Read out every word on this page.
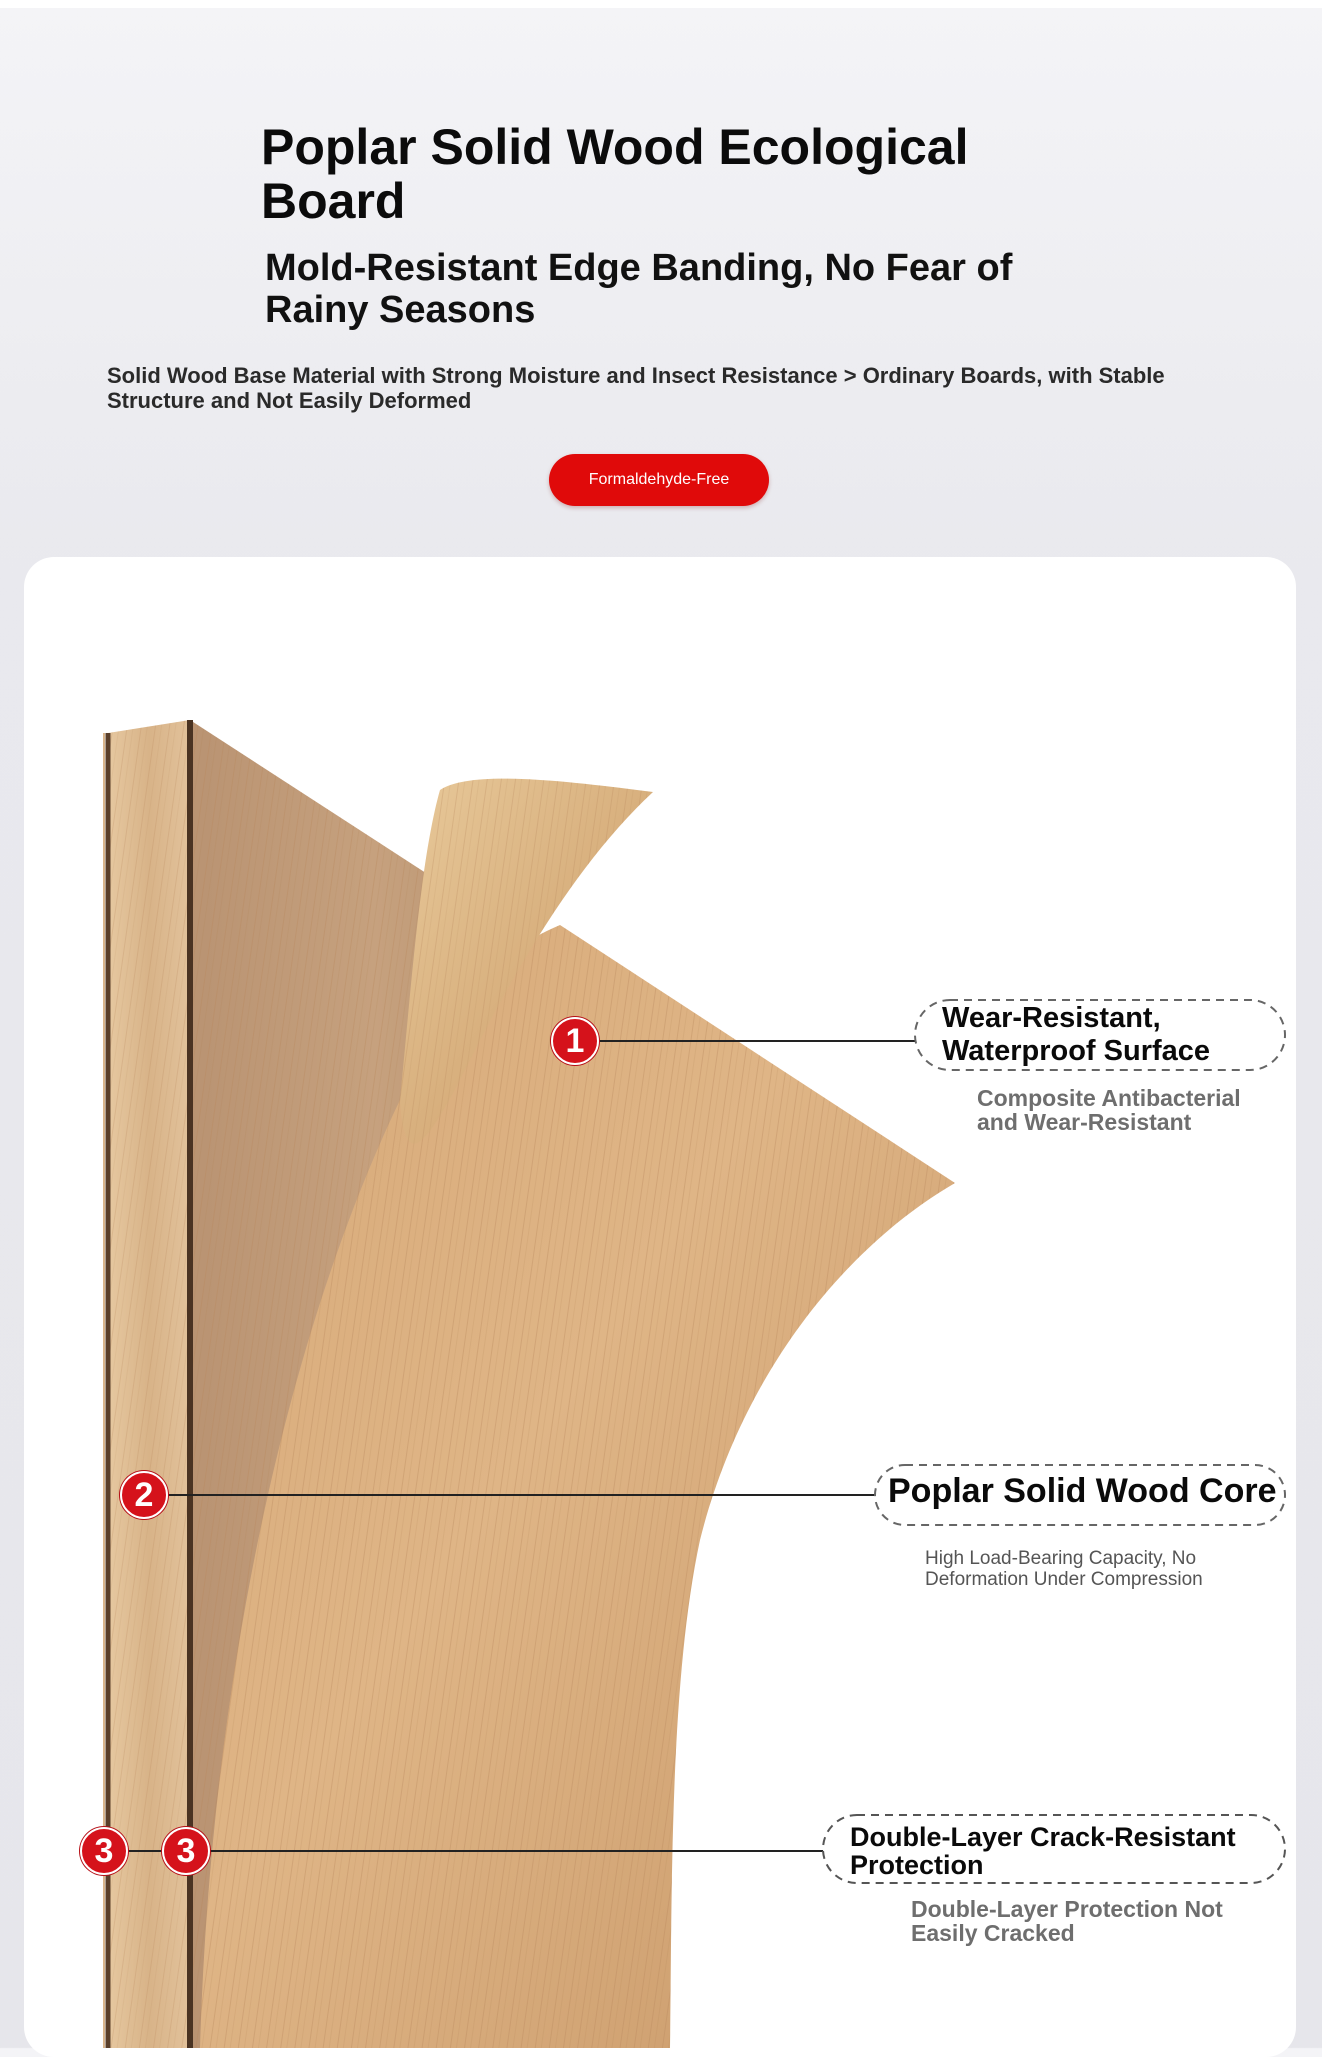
Poplar Solid Wood Ecological Board
Mold-Resistant Edge Banding, No Fear of Rainy Seasons

Solid Wood Base Material with Strong Moisture and Insect Resistance > Ordinary Boards, with Stable Structure and Not Easily Deformed

Formaldehyde-Free
1
2
3	3
Wear-Resistant, Waterproof Surface

Composite Antibacterial and Wear-Resistant

Poplar Solid Wood Core

High Load-Bearing Capacity, No Deformation Under Compression

Double-Layer Crack-Resistant Protection

Double-Layer Protection Not Easily Cracked
